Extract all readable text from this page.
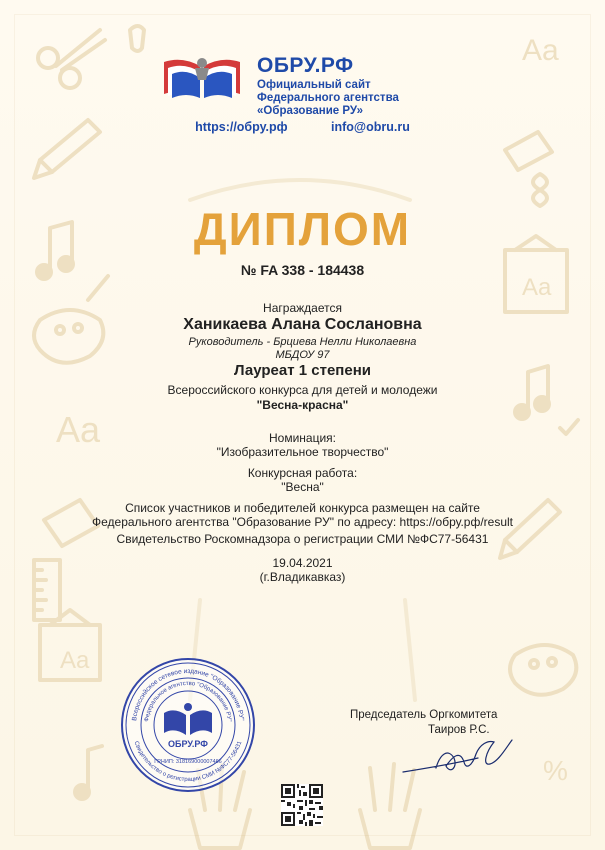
Aa
Aa
Aa
Aa
%
ОБРУ.РФ
Официальный сайт Федерального агентства «Образование РУ»
https://обру.рф	info@obru.ru
ДИПЛОМ
№ FA 338 - 184438
Награждается
Ханикаева Алана Сослановна
Руководитель - Брциева Нелли Николаевна
МБДОУ 97
Лауреат 1 степени
Всероссийского конкурса для детей и молодежи
"Весна-красна"
Номинация:
"Изобразительное творчество"
Конкурсная работа:
"Весна"
Список участников и победителей конкурса размещен на сайте
Федерального агентства "Образование РУ" по адресу: https://обру.рф/result
Свидетельство Роскомнадзора о регистрации СМИ №ФС77-56431
19.04.2021
(г.Владикавказ)
Всероссийское сетевое издание "Образование РУ"
Федеральное агентство "Образование РУ"
Свидетельство о регистрации СМИ №ФС77-56431
ОБРУ.РФ
ГРНИП: 318169000007466
Председатель Оргкомитета
Таиров Р.С.
